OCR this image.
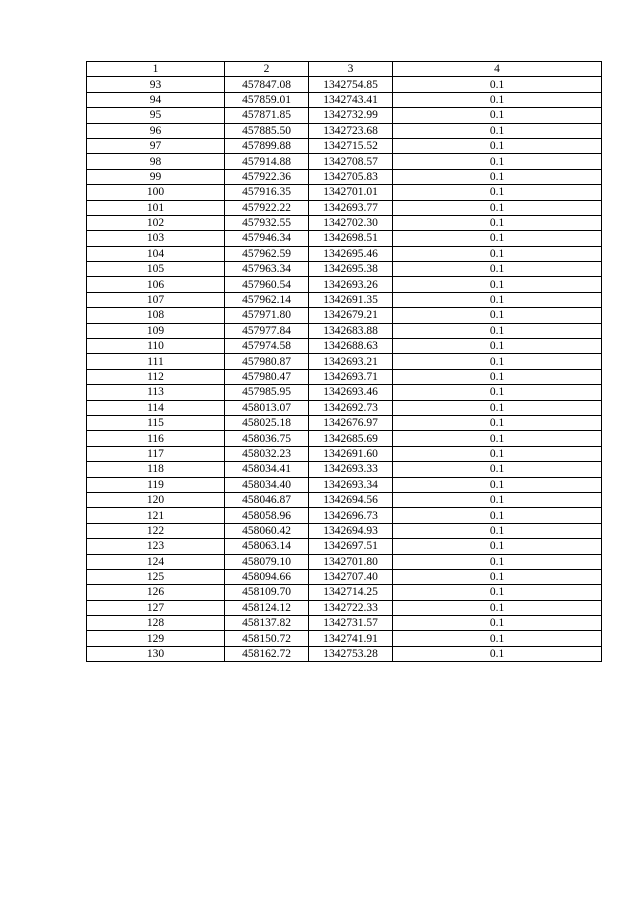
1	2	3	4
93	457847.08	1342754.85	0.1
94	457859.01	1342743.41	0.1
95	457871.85	1342732.99	0.1
96	457885.50	1342723.68	0.1
97	457899.88	1342715.52	0.1
98	457914.88	1342708.57	0.1
99	457922.36	1342705.83	0.1
100	457916.35	1342701.01	0.1
101	457922.22	1342693.77	0.1
102	457932.55	1342702.30	0.1
103	457946.34	1342698.51	0.1
104	457962.59	1342695.46	0.1
105	457963.34	1342695.38	0.1
106	457960.54	1342693.26	0.1
107	457962.14	1342691.35	0.1
108	457971.80	1342679.21	0.1
109	457977.84	1342683.88	0.1
110	457974.58	1342688.63	0.1
111	457980.87	1342693.21	0.1
112	457980.47	1342693.71	0.1
113	457985.95	1342693.46	0.1
114	458013.07	1342692.73	0.1
115	458025.18	1342676.97	0.1
116	458036.75	1342685.69	0.1
117	458032.23	1342691.60	0.1
118	458034.41	1342693.33	0.1
119	458034.40	1342693.34	0.1
120	458046.87	1342694.56	0.1
121	458058.96	1342696.73	0.1
122	458060.42	1342694.93	0.1
123	458063.14	1342697.51	0.1
124	458079.10	1342701.80	0.1
125	458094.66	1342707.40	0.1
126	458109.70	1342714.25	0.1
127	458124.12	1342722.33	0.1
128	458137.82	1342731.57	0.1
129	458150.72	1342741.91	0.1
130	458162.72	1342753.28	0.1
